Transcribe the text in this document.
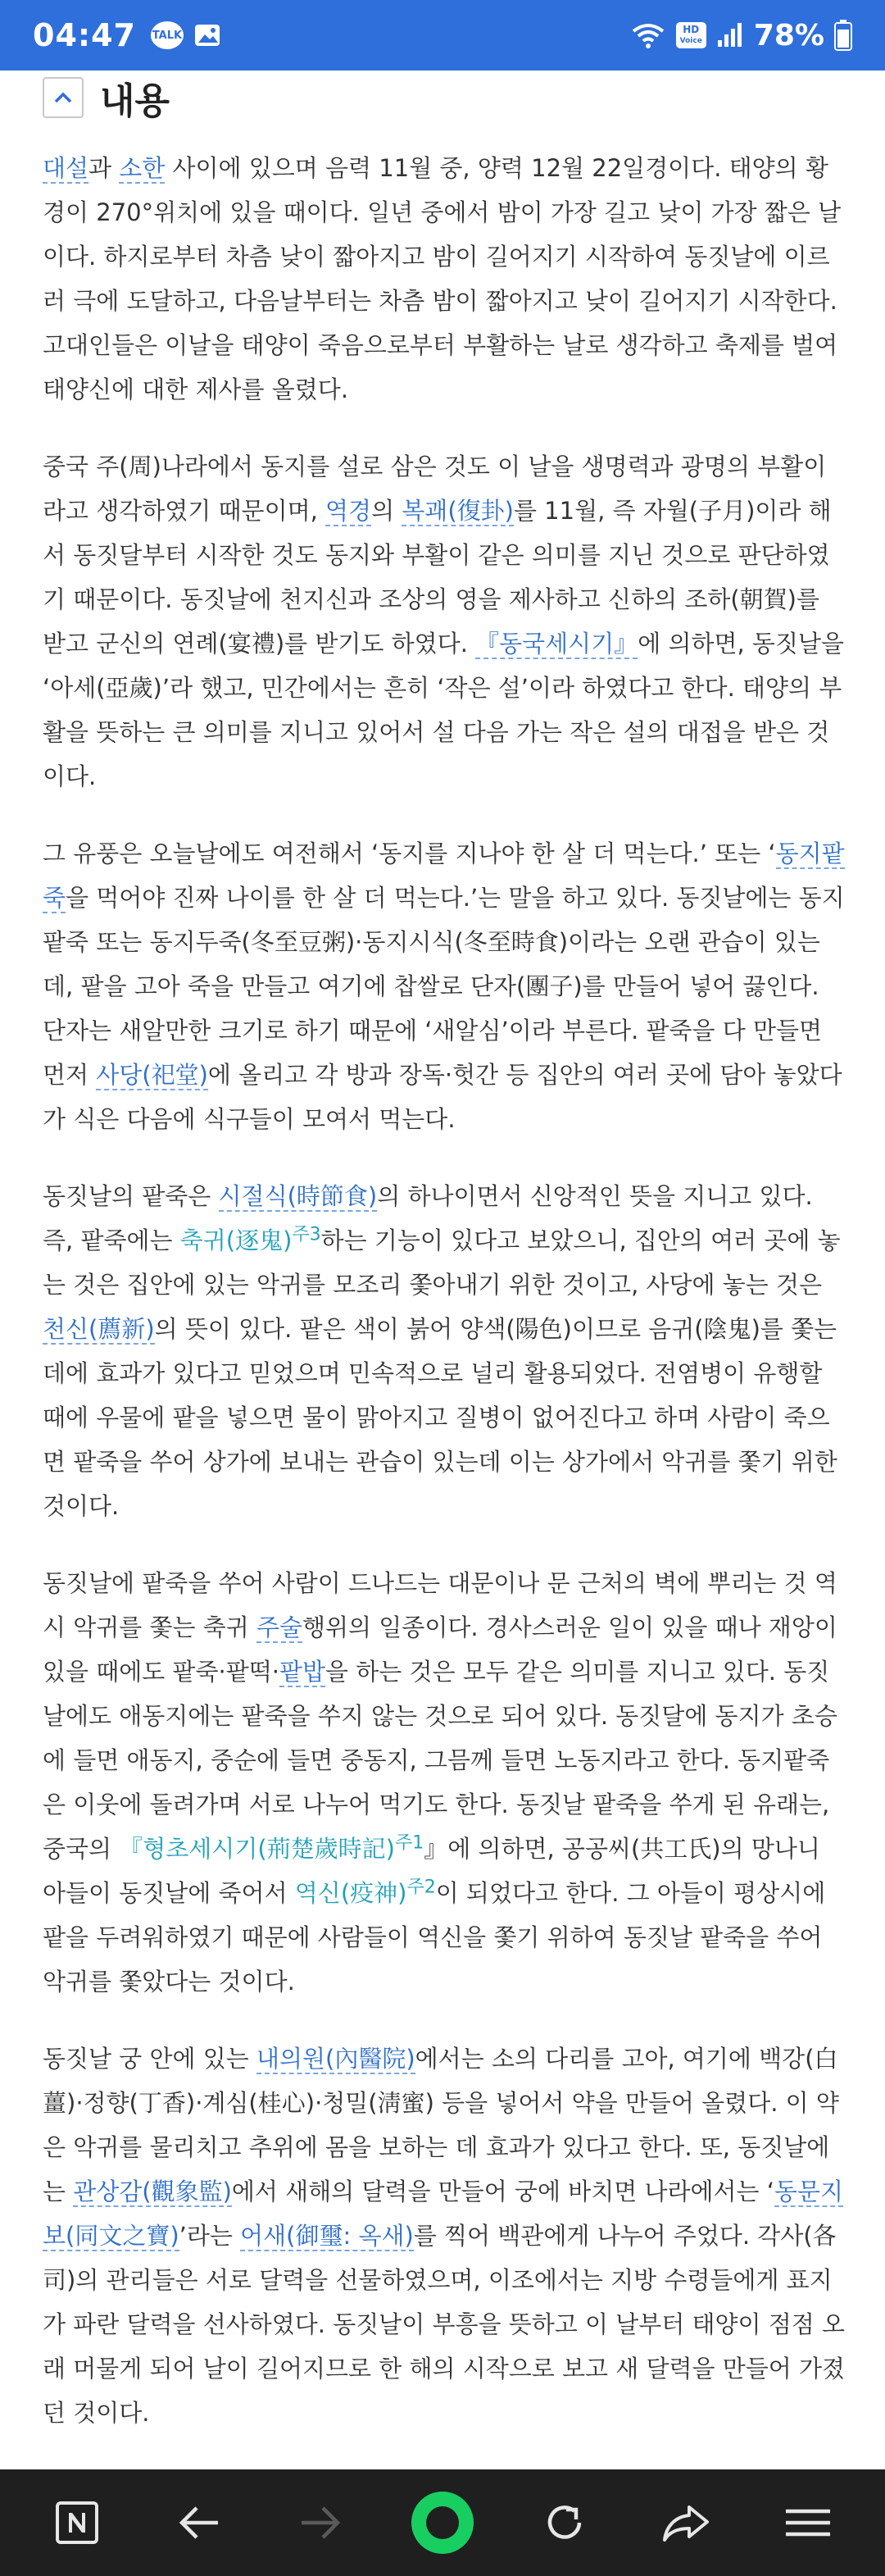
04:47 TALK	HD
Voice 78%
내용

대설과 소한 사이에 있으며 음력 11월 중, 양력 12월 22일경이다. 태양의 황경이 270°위치에 있을 때이다. 일년 중에서 밤이 가장 길고 낮이 가장 짧은 날이다. 하지로부터 차츰 낮이 짧아지고 밤이 길어지기 시작하여 동짓날에 이르러 극에 도달하고, 다음날부터는 차츰 밤이 짧아지고 낮이 길어지기 시작한다.
고대인들은 이날을 태양이 죽음으로부터 부활하는 날로 생각하고 축제를 벌여 태양신에 대한 제사를 올렸다.

중국 주(周)나라에서 동지를 설로 삼은 것도 이 날을 생명력과 광명의 부활이라고 생각하였기 때문이며, 역경의 복괘(復卦)를 11월, 즉 자월(子月)이라 해서 동짓달부터 시작한 것도 동지와 부활이 같은 의미를 지닌 것으로 판단하였기 때문이다. 동짓날에 천지신과 조상의 영을 제사하고 신하의 조하(朝賀)를 받고 군신의 연례(宴禮)를 받기도 하였다. 『동국세시기』에 의하면, 동짓날을 ‘아세(亞歲)’라 했고, 민간에서는 흔히 ‘작은 설’이라 하였다고 한다. 태양의 부활을 뜻하는 큰 의미를 지니고 있어서 설 다음 가는 작은 설의 대접을 받은 것이다.

그 유풍은 오늘날에도 여전해서 ‘동지를 지나야 한 살 더 먹는다.’ 또는 ‘동지팥죽을 먹어야 진짜 나이를 한 살 더 먹는다.’는 말을 하고 있다. 동짓날에는 동지팥죽 또는 동지두죽(冬至豆粥)·동지시식(冬至時食)이라는 오랜 관습이 있는데, 팥을 고아 죽을 만들고 여기에 찹쌀로 단자(團子)를 만들어 넣어 끓인다. 단자는 새알만한 크기로 하기 때문에 ‘새알심’이라 부른다. 팥죽을 다 만들면 먼저 사당(祀堂)에 올리고 각 방과 장독·헛간 등 집안의 여러 곳에 담아 놓았다가 식은 다음에 식구들이 모여서 먹는다.

동짓날의 팥죽은 시절식(時節食)의 하나이면서 신앙적인 뜻을 지니고 있다. 즉, 팥죽에는 축귀(逐鬼)$^{주3}$하는 기능이 있다고 보았으니, 집안의 여러 곳에 놓는 것은 집안에 있는 악귀를 모조리 쫓아내기 위한 것이고, 사당에 놓는 것은 천신(薦新)의 뜻이 있다. 팥은 색이 붉어 양색(陽色)이므로 음귀(陰鬼)를 쫓는 데에 효과가 있다고 믿었으며 민속적으로 널리 활용되었다. 전염병이 유행할 때에 우물에 팥을 넣으면 물이 맑아지고 질병이 없어진다고 하며 사람이 죽으면 팥죽을 쑤어 상가에 보내는 관습이 있는데 이는 상가에서 악귀를 쫓기 위한 것이다.

동짓날에 팥죽을 쑤어 사람이 드나드는 대문이나 문 근처의 벽에 뿌리는 것 역시 악귀를 쫓는 축귀 주술행위의 일종이다. 경사스러운 일이 있을 때나 재앙이 있을 때에도 팥죽·팥떡·팥밥을 하는 것은 모두 같은 의미를 지니고 있다. 동짓날에도 애동지에는 팥죽을 쑤지 않는 것으로 되어 있다. 동짓달에 동지가 초승에 들면 애동지, 중순에 들면 중동지, 그믐께 들면 노동지라고 한다. 동지팥죽은 이웃에 돌려가며 서로 나누어 먹기도 한다. 동짓날 팥죽을 쑤게 된 유래는, 중국의 『형초세시기(荊楚歲時記)$^{주1}$』에 의하면, 공공씨(共工氏)의 망나니 아들이 동짓날에 죽어서 역신(疫神)$^{주2}$이 되었다고 한다. 그 아들이 평상시에 팥을 두려워하였기 때문에 사람들이 역신을 쫓기 위하여 동짓날 팥죽을 쑤어 악귀를 쫓았다는 것이다.

동짓날 궁 안에 있는 내의원(內醫院)에서는 소의 다리를 고아, 여기에 백강(白薑)·정향(丁香)·계심(桂心)·청밀(淸蜜) 등을 넣어서 약을 만들어 올렸다. 이 약은 악귀를 물리치고 추위에 몸을 보하는 데 효과가 있다고 한다. 또, 동짓날에는 관상감(觀象監)에서 새해의 달력을 만들어 궁에 바치면 나라에서는 ‘동문지보(同文之寶)’라는 어새(御璽: 옥새)를 찍어 백관에게 나누어 주었다. 각사(各司)의 관리들은 서로 달력을 선물하였으며, 이조에서는 지방 수령들에게 표지가 파란 달력을 선사하였다. 동짓날이 부흥을 뜻하고 이 날부터 태양이 점점 오래 머물게 되어 날이 길어지므로 한 해의 시작으로 보고 새 달력을 만들어 가졌던 것이다.
